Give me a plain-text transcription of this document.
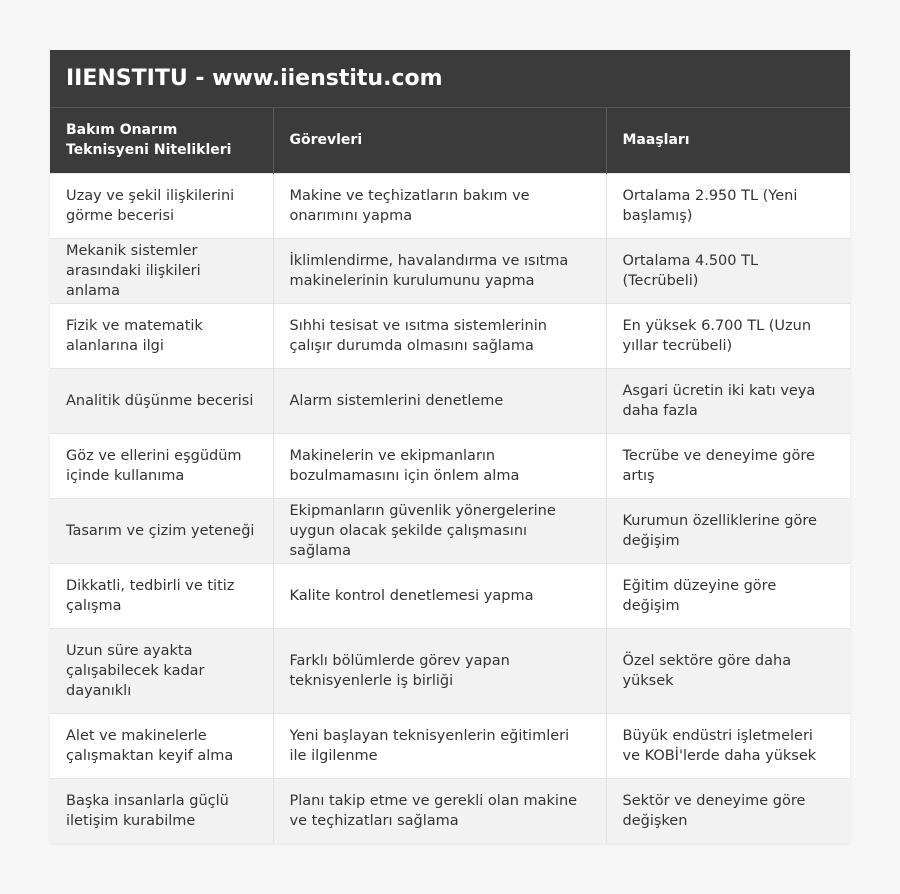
IIENSTITU - www.iienstitu.com
Bakım Onarım Teknisyeni Nitelikleri	Görevleri	Maaşları
Uzay ve şekil ilişkilerini görme becerisi	Makine ve teçhizatların bakım ve onarımını yapma	Ortalama 2.950 TL (Yeni başlamış)
Mekanik sistemler arasındaki ilişkileri anlama	İklimlendirme, havalandırma ve ısıtma makinelerinin kurulumunu yapma	Ortalama 4.500 TL (Tecrübeli)
Fizik ve matematik alanlarına ilgi	Sıhhi tesisat ve ısıtma sistemlerinin çalışır durumda olmasını sağlama	En yüksek 6.700 TL (Uzun yıllar tecrübeli)
Analitik düşünme becerisi	Alarm sistemlerini denetleme	Asgari ücretin iki katı veya daha fazla
Göz ve ellerini eşgüdüm içinde kullanıma	Makinelerin ve ekipmanların bozulmamasını için önlem alma	Tecrübe ve deneyime göre artış
Tasarım ve çizim yeteneği	Ekipmanların güvenlik yönergelerine uygun olacak şekilde çalışmasını sağlama	Kurumun özelliklerine göre değişim
Dikkatli, tedbirli ve titiz çalışma	Kalite kontrol denetlemesi yapma	Eğitim düzeyine göre değişim
Uzun süre ayakta çalışabilecek kadar dayanıklı	Farklı bölümlerde görev yapan teknisyenlerle iş birliği	Özel sektöre göre daha yüksek
Alet ve makinelerle çalışmaktan keyif alma	Yeni başlayan teknisyenlerin eğitimleri ile ilgilenme	Büyük endüstri işletmeleri ve KOBİ'lerde daha yüksek
Başka insanlarla güçlü iletişim kurabilme	Planı takip etme ve gerekli olan makine ve teçhizatları sağlama	Sektör ve deneyime göre değişken
